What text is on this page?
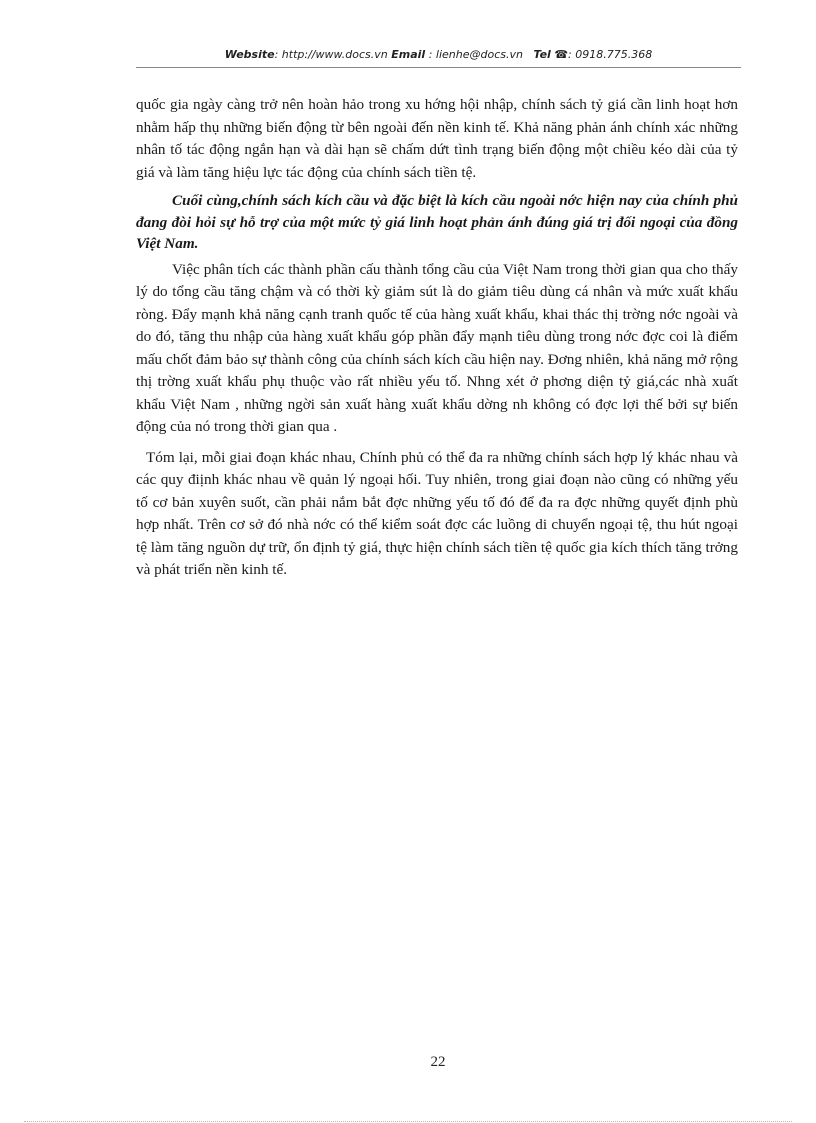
Website: http://www.docs.vn Email : lienhe@docs.vn Tel ☎: 0918.775.368

quốc gia ngày càng trở nên hoàn hảo trong xu hớng hội nhập, chính sách tỷ giá cần linh hoạt hơn nhằm hấp thụ những biến động từ bên ngoài đến nền kinh tế. Khả năng phản ánh chính xác những nhân tố tác động ngắn hạn và dài hạn sẽ chấm dứt tình trạng biến động một chiều kéo dài của tỷ giá và làm tăng hiệu lực tác động của chính sách tiền tệ.

Cuối cùng,chính sách kích cầu và đặc biệt là kích cầu ngoài nớc hiện nay của chính phủ đang đòi hỏi sự hỗ trợ của một mức tỷ giá linh hoạt phản ánh đúng giá trị đối ngoại của đồng Việt Nam.

Việc phân tích các thành phần cấu thành tổng cầu của Việt Nam trong thời gian qua cho thấy lý do tổng cầu tăng chậm và có thời kỳ giảm sút là do giảm tiêu dùng cá nhân và mức xuất khẩu ròng. Đẩy mạnh khả năng cạnh tranh quốc tế của hàng xuất khẩu, khai thác thị trờng nớc ngoài và do đó, tăng thu nhập của hàng xuất khẩu góp phần đẩy mạnh tiêu dùng trong nớc đợc coi là điểm mấu chốt đảm bảo sự thành công của chính sách kích cầu hiện nay. Đơng nhiên, khả năng mở rộng thị trờng xuất khẩu phụ thuộc vào rất nhiều yếu tố. Nhng xét ở phơng diện tỷ giá,các nhà xuất khẩu Việt Nam , những ngời sản xuất hàng xuất khẩu dờng nh không có đợc lợi thế bởi sự biến động của nó trong thời gian qua .

Tóm lại, mỗi giai đoạn khác nhau, Chính phủ có thể đa ra những chính sách hợp lý khác nhau và các quy điịnh khác nhau về quản lý ngoại hối. Tuy nhiên, trong giai đoạn nào cũng có những yếu tố cơ bản xuyên suốt, cần phải nắm bắt đợc những yếu tố đó để đa ra đợc những quyết định phù hợp nhất. Trên cơ sở đó nhà nớc có thể kiểm soát đợc các luồng di chuyển ngoại tệ, thu hút ngoại tệ làm tăng nguồn dự trữ, ổn định tỷ giá, thực hiện chính sách tiền tệ quốc gia kích thích tăng trởng và phát triển nền kinh tế.

22
